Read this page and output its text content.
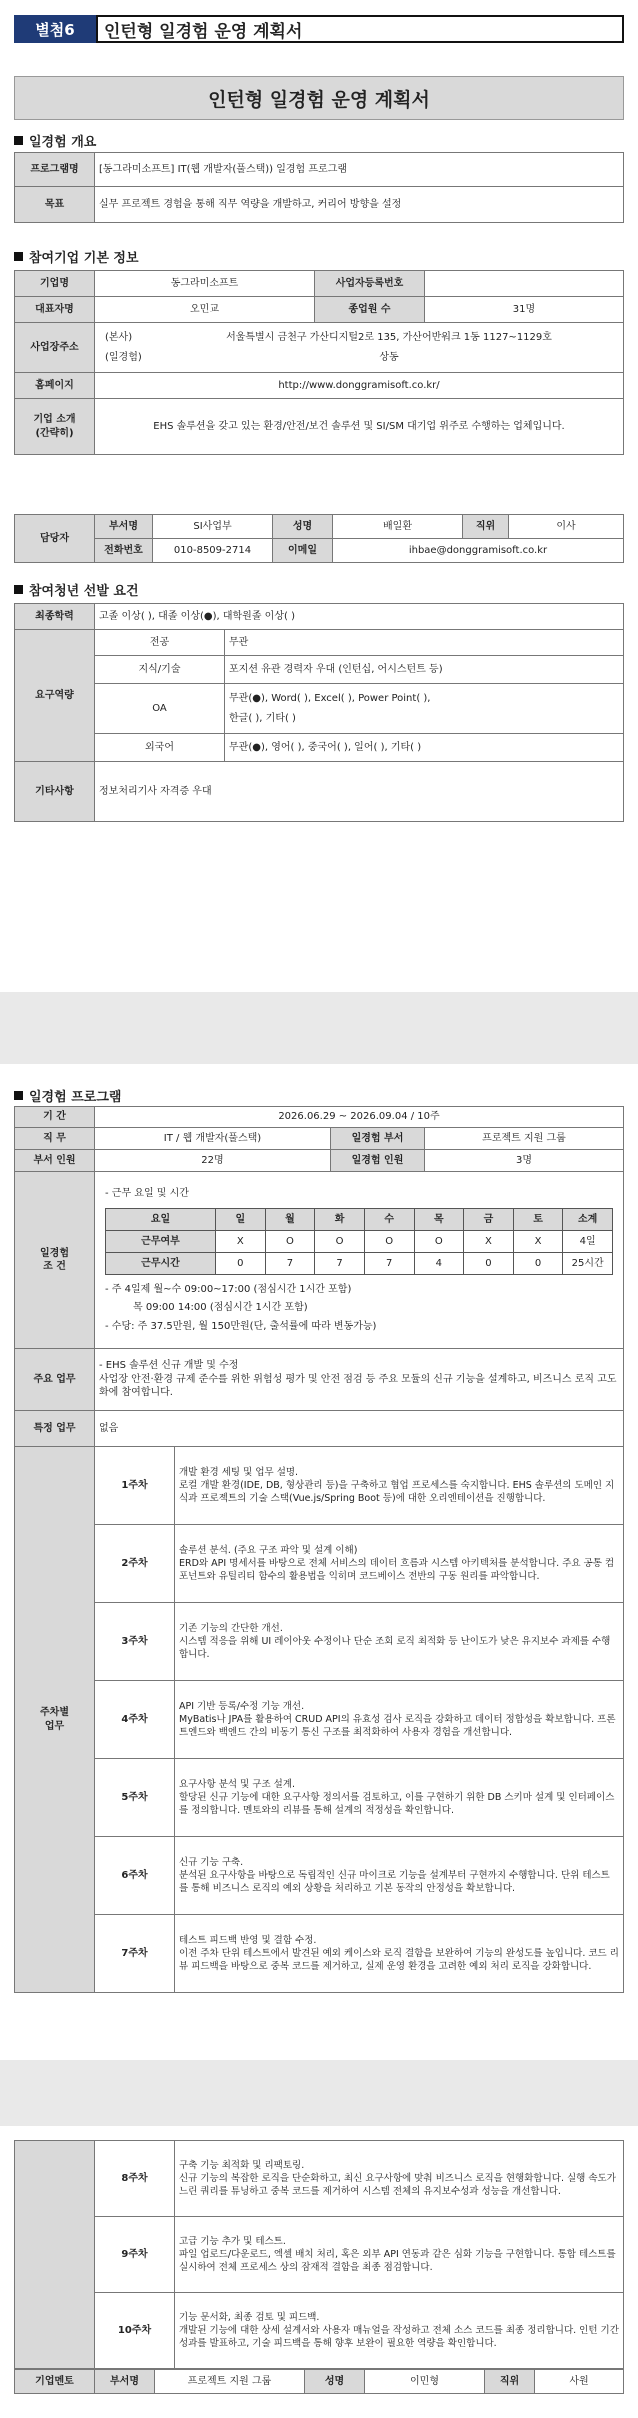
별첨6	인턴형 일경험 운영 계획서
인턴형 일경험 운영 계획서
일경험 개요
프로그램명	[동그라미소프트] IT(웹 개발자(풀스택)) 일경험 프로그램
목표	실무 프로젝트 경험을 통해 직무 역량을 개발하고, 커리어 방향을 설정
참여기업 기본 정보
기업명	동그라미소프트	사업자등록번호	
대표자명	오민교	종업원 수	31명
사업장주소	(본사) 서울특별시 금천구 가산디지털2로 135, 가산어반워크 1동 1127~1129호
(일경험) 상동		

홈페이지	http://www.donggramisoft.co.kr/		
기업 소개
(간략히)	EHS 솔루션을 갖고 있는 환경/안전/보건 솔루션 및 SI/SM 대기업 위주로 수행하는 업체입니다.		
담당자	부서명	SI사업부	성명	배일환	직위	이사
	전화번호	010-8509-2714	이메일	ihbae@donggramisoft.co.kr		
참여청년 선발 요건
최종학력	고졸 이상( ), 대졸 이상(●), 대학원졸 이상( )	
요구역량	전공	무관
	지식/기술	포지션 유관 경력자 우대 (인턴십, 어시스턴트 등)
	OA	무관(●), Word( ), Excel( ), Power Point( ),
한글( ), 기타( )

	외국어	무관(●), 영어( ), 중국어( ), 일어( ), 기타( )
기타사항	정보처리기사 자격증 우대	
일경험 프로그램
기 간	2026.06.29 ~ 2026.09.04 / 10주
직 무	IT / 웹 개발자(풀스택)	일경험 부서	프로젝트 지원 그룹
부서 인원	22명	일경험 인원	3명
일경험
조 건	
- 근무 요일 및 시간
요일	일	월	화	수	목	금	토	소계
근무여부	X	O	O	O	O	X	X	4일
근무시간	0	7	7	7	4	0	0	25시간
- 주 4일제 월~수 09:00~17:00 (점심시간 1시간 포함)
목 09:00 14:00 (점심시간 1시간 포함)
- 수당: 주 37.5만원, 월 150만원(단, 출석률에 따라 변동가능)

주요 업무	
- EHS 솔루션 신규 개발 및 수정
사업장 안전·환경 규제 준수를 위한 위험성 평가 및 안전 점검 등 주요 모듈의 신규 기능을 설계하고, 비즈니스 로직 고도화에 참여합니다.

특정 업무	없음
주차별
업무	1주차	개발 환경 세팅 및 업무 설명.
로컬 개발 환경(IDE, DB, 형상관리 등)을 구축하고 협업 프로세스를 숙지합니다. EHS 솔루션의 도메인 지식과 프로젝트의 기술 스택(Vue.js/Spring Boot 등)에 대한 오리엔테이션을 진행합니다.
	2주차	솔루션 분석. (주요 구조 파악 및 설계 이해)
ERD와 API 명세서를 바탕으로 전체 서비스의 데이터 흐름과 시스템 아키텍처를 분석합니다. 주요 공통 컴포넌트와 유틸리티 함수의 활용법을 익히며 코드베이스 전반의 구동 원리를 파악합니다.
	3주차	기존 기능의 간단한 개선.
시스템 적응을 위해 UI 레이아웃 수정이나 단순 조회 로직 최적화 등 난이도가 낮은 유지보수 과제를 수행합니다.
	4주차	API 기반 등록/수정 기능 개선.
MyBatis나 JPA를 활용하여 CRUD API의 유효성 검사 로직을 강화하고 데이터 정합성을 확보합니다. 프론트엔드와 백엔드 간의 비동기 통신 구조를 최적화하여 사용자 경험을 개선합니다.
	5주차	요구사항 분석 및 구조 설계.
할당된 신규 기능에 대한 요구사항 정의서를 검토하고, 이를 구현하기 위한 DB 스키마 설계 및 인터페이스를 정의합니다. 멘토와의 리뷰를 통해 설계의 적정성을 확인합니다.
	6주차	신규 기능 구축.
분석된 요구사항을 바탕으로 독립적인 신규 마이크로 기능을 설계부터 구현까지 수행합니다. 단위 테스트를 통해 비즈니스 로직의 예외 상황을 처리하고 기본 동작의 안정성을 확보합니다.
	7주차	테스트 피드백 반영 및 결함 수정.
이전 주차 단위 테스트에서 발견된 예외 케이스와 로직 결함을 보완하여 기능의 완성도를 높입니다. 코드 리뷰 피드백을 바탕으로 중복 코드를 제거하고, 실제 운영 환경을 고려한 예외 처리 로직을 강화합니다.
	8주차	구축 기능 최적화 및 리팩토링.
신규 기능의 복잡한 로직을 단순화하고, 최신 요구사항에 맞춰 비즈니스 로직을 현행화합니다. 실행 속도가 느린 쿼리를 튜닝하고 중복 코드를 제거하여 시스템 전체의 유지보수성과 성능을 개선합니다.
	9주차	고급 기능 추가 및 테스트.
파일 업로드/다운로드, 엑셀 배치 처리, 혹은 외부 API 연동과 같은 심화 기능을 구현합니다. 통합 테스트를 실시하여 전체 프로세스 상의 잠재적 결함을 최종 점검합니다.
	10주차	기능 문서화, 최종 검토 및 피드백.
개발된 기능에 대한 상세 설계서와 사용자 매뉴얼을 작성하고 전체 소스 코드를 최종 정리합니다. 인턴 기간 성과를 발표하고, 기술 피드백을 통해 향후 보완이 필요한 역량을 확인합니다.
기업멘토	부서명	프로젝트 지원 그룹	성명	이민형	직위	사원
